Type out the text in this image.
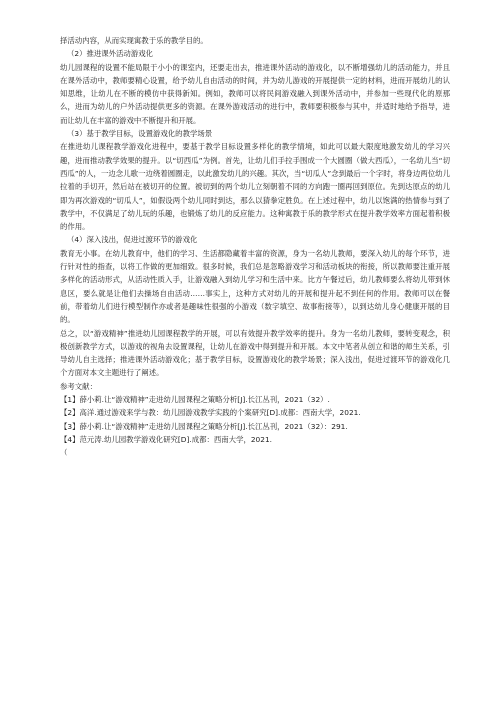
择活动内容，从而实现寓教于乐的教学目的。

（2）推进课外活动游戏化

幼儿园课程的设置不能局限于小小的课室内，还要走出去，推进课外活动的游戏化，以不断增强幼儿的活动能力，并且在课外活动中，教师要精心设置，给予幼儿自由活动的时间，并为幼儿游戏的开展提供一定的材料，进而开展幼儿的认知思维，让幼儿在不断的模仿中获得新知。例如，教师可以将民间游戏融入到课外活动中，并参加一些现代化的原那么，进而为幼儿的户外活动提供更多的资源。在课外游戏活动的进行中，教师要积极参与其中，并适时地给予指导，进而让幼儿在丰富的游戏中不断提升和开展。

（3）基于教学目标，设置游戏化的教学场景

在推进幼儿课程教学游戏化进程中，要基于教学目标设置多样化的教学情境，如此可以最大限度地激发幼儿的学习兴趣，进而推动教学效果的提升。以“切西瓜”为例。首先，让幼儿们手拉手围成一个大圆圈（做大西瓜），一名幼儿当“切西瓜”的人，一边念儿歌一边绕着圆圈走，以此激发幼儿的兴趣。其次，当“切瓜人”念到最后一个字时，将身边两位幼儿拉着的手切开，然后站在被切开的位置。被切到的两个幼儿立刻朝着不同的方向跑一圈再回到原位。先到达原点的幼儿即为再次游戏的“切瓜人”，如假设两个幼儿同时到达，那么以猜拳定胜负。在上述过程中，幼儿以饱满的热情参与到了教学中，不仅满足了幼儿玩的乐趣，也锻炼了幼儿的反应能力。这种寓教于乐的教学形式在提升教学效率方面起着积极的作用。

（4）深入浅出，促进过渡环节的游戏化

教育无小事。在幼儿教育中，他们的学习、生活都隐藏着丰富的资源，身为一名幼儿教师，要深入幼儿的每个环节，进行针对性的指查，以将工作做的更加细致。很多时候，我们总是忽略游戏学习和活动板块的衔接，所以教师要注重开展多样化的活动形式，从活动性质入手，让游戏融入到幼儿学习和生活中来。比方午餐过后，幼儿教师要么将幼儿带到休息区，要么就是让他们去操场自由活动……事实上，这种方式对幼儿的开展和提升起不到任何的作用。教师可以在餐前，带着幼儿们进行模型制作亦或者是趣味性很强的小游戏（数字填空、故事衔接等），以到达幼儿身心健康开展的目的。

总之，以“游戏精神”推进幼儿园课程教学的开展，可以有效提升教学效率的提升。身为一名幼儿教师，要转变观念，积极创新教学方式，以游戏的视角去设置课程，让幼儿在游戏中得到提升和开展。本文中笔者从创立和谐的师生关系，引导幼儿自主选择；推进课外活动游戏化；基于教学目标，设置游戏化的教学场景；深入浅出，促进过渡环节的游戏化几个方面对本文主题进行了阐述。

参考文献：

【1】薛小莉.让“游戏精神”走进幼儿园课程之策略分析[J].长江丛刊，2021（32）.

【2】高洋.通过游戏来学与教：幼儿园游戏教学实践的个案研究[D].成都：西南大学，2021.

【3】薛小莉.让“游戏精神”走进幼儿园课程之策略分析[J].长江丛刊，2021（32）：291.

【4】范元涛.幼儿园教学游戏化研究[D].成都：西南大学，2021.

（
